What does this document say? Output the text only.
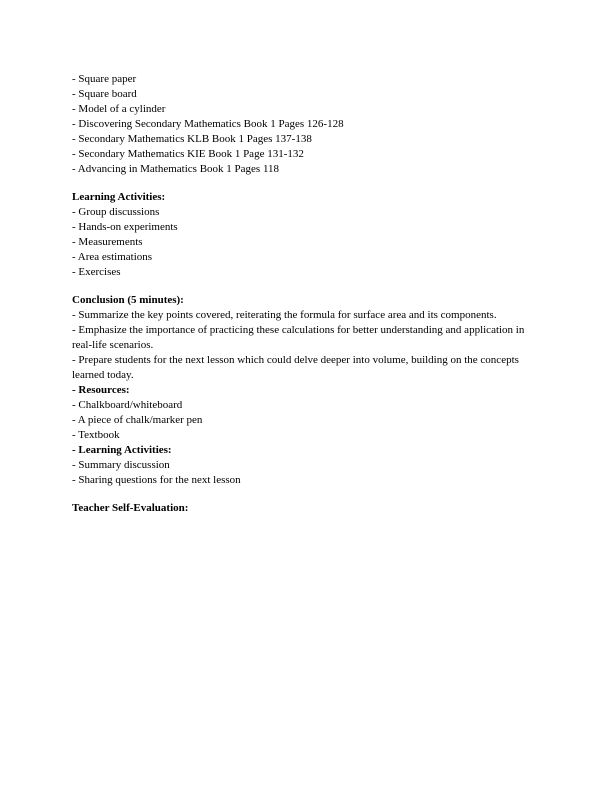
- Square paper
- Square board
- Model of a cylinder
- Discovering Secondary Mathematics Book 1 Pages 126-128
- Secondary Mathematics KLB Book 1 Pages 137-138
- Secondary Mathematics KIE Book 1 Page 131-132
- Advancing in Mathematics Book 1 Pages 118
Learning Activities:
- Group discussions
- Hands-on experiments
- Measurements
- Area estimations
- Exercises
Conclusion (5 minutes):
- Summarize the key points covered, reiterating the formula for surface area and its components.
- Emphasize the importance of practicing these calculations for better understanding and application in real-life scenarios.
- Prepare students for the next lesson which could delve deeper into volume, building on the concepts learned today.
- Resources:
- Chalkboard/whiteboard
- A piece of chalk/marker pen
- Textbook
- Learning Activities:
- Summary discussion
- Sharing questions for the next lesson
Teacher Self-Evaluation:
